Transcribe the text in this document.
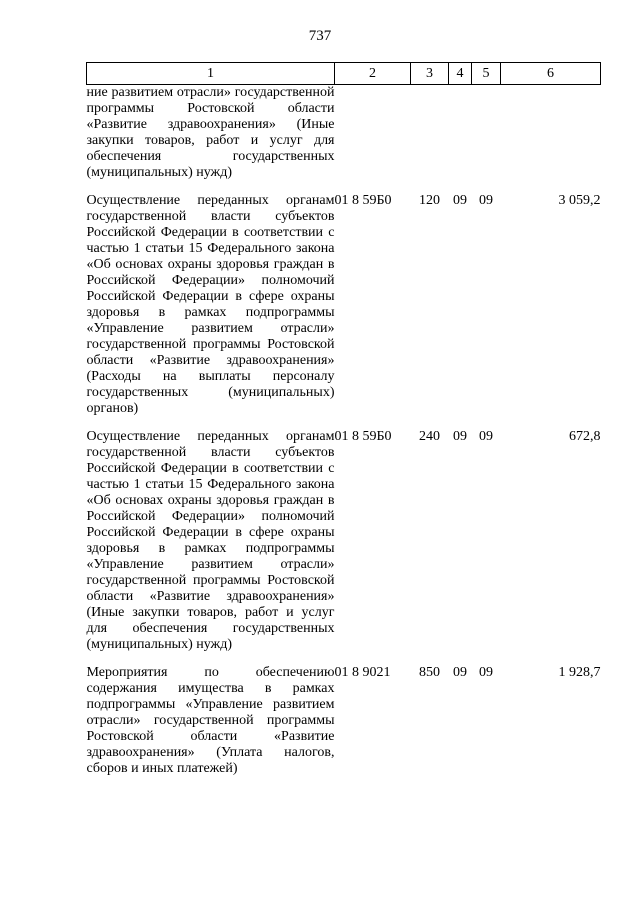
737
1	2	3	4	5	6
ние развитием отрасли» государственной программы Ростовской области «Развитие здравоохранения» (Иные закупки товаров, работ и услуг для обеспечения государственных (муниципальных) нужд)					
Осуществление переданных органам государственной власти субъектов Российской Федерации в соответствии с частью 1 статьи 15 Федерального закона «Об основах охраны здоровья граждан в Российской Федерации» полномочий Российской Федерации в сфере охраны здоровья в рамках подпрограммы «Управление развитием отрасли» государственной программы Ростовской области «Развитие здравоохранения» (Расходы на выплаты персоналу государственных (муниципальных) органов)	01 8 59Б0	120	09	09	3 059,2
Осуществление переданных органам государственной власти субъектов Российской Федерации в соответствии с частью 1 статьи 15 Федерального закона «Об основах охраны здоровья граждан в Российской Федерации» полномочий Российской Федерации в сфере охраны здоровья в рамках подпрограммы «Управление развитием отрасли» государственной программы Ростовской области «Развитие здравоохранения» (Иные закупки товаров, работ и услуг для обеспечения государственных (муниципальных) нужд)	01 8 59Б0	240	09	09	672,8
Мероприятия по обеспечению содержания имущества в рамках подпрограммы «Управление развитием отрасли» государственной программы Ростовской области «Развитие здравоохранения» (Уплата налогов, сборов и иных платежей)	01 8 9021	850	09	09	1 928,7
